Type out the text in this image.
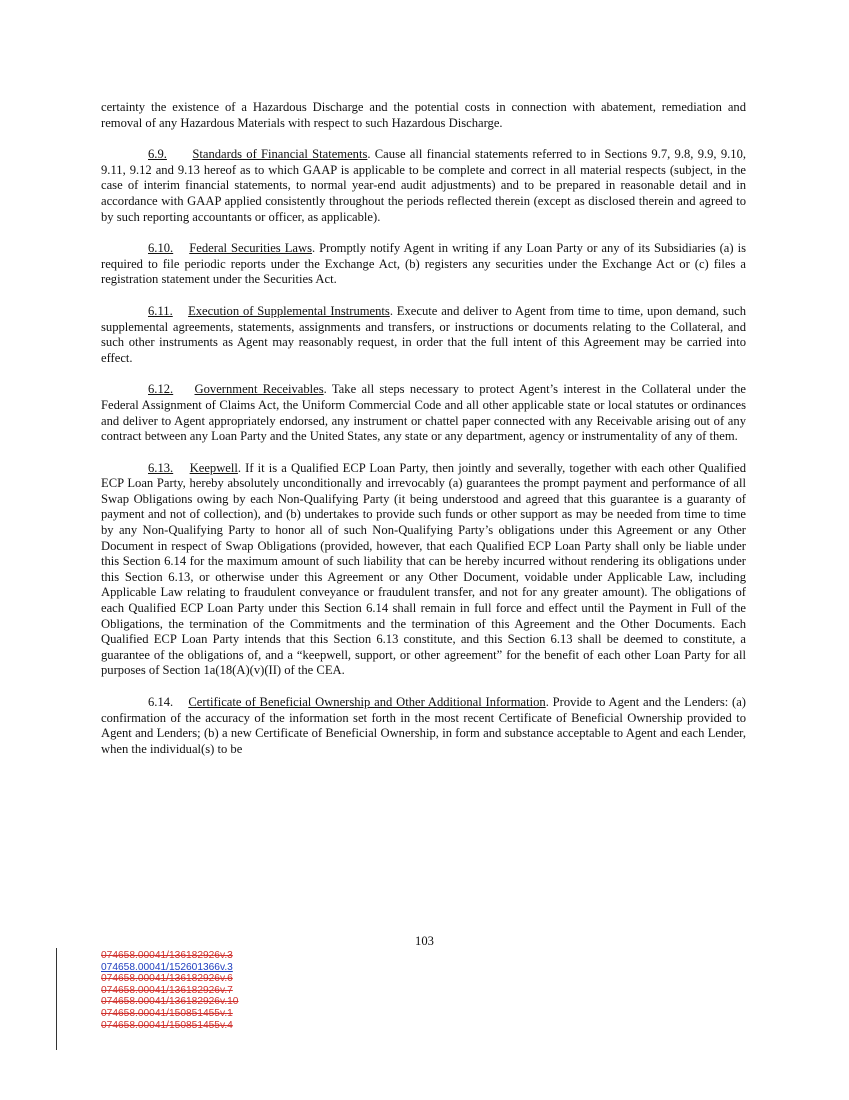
certainty the existence of a Hazardous Discharge and the potential costs in connection with abatement, remediation and removal of any Hazardous Materials with respect to such Hazardous Discharge.

6.9. Standards of Financial Statements. Cause all financial statements referred to in Sections 9.7, 9.8, 9.9, 9.10, 9.11, 9.12 and 9.13 hereof as to which GAAP is applicable to be complete and correct in all material respects (subject, in the case of interim financial statements, to normal year-end audit adjustments) and to be prepared in reasonable detail and in accordance with GAAP applied consistently throughout the periods reflected therein (except as disclosed therein and agreed to by such reporting accountants or officer, as applicable).

6.10. Federal Securities Laws. Promptly notify Agent in writing if any Loan Party or any of its Subsidiaries (a) is required to file periodic reports under the Exchange Act, (b) registers any securities under the Exchange Act or (c) files a registration statement under the Securities Act.

6.11. Execution of Supplemental Instruments. Execute and deliver to Agent from time to time, upon demand, such supplemental agreements, statements, assignments and transfers, or instructions or documents relating to the Collateral, and such other instruments as Agent may reasonably request, in order that the full intent of this Agreement may be carried into effect.

6.12. Government Receivables. Take all steps necessary to protect Agent’s interest in the Collateral under the Federal Assignment of Claims Act, the Uniform Commercial Code and all other applicable state or local statutes or ordinances and deliver to Agent appropriately endorsed, any instrument or chattel paper connected with any Receivable arising out of any contract between any Loan Party and the United States, any state or any department, agency or instrumentality of any of them.

6.13. Keepwell. If it is a Qualified ECP Loan Party, then jointly and severally, together with each other Qualified ECP Loan Party, hereby absolutely unconditionally and irrevocably (a) guarantees the prompt payment and performance of all Swap Obligations owing by each Non-Qualifying Party (it being understood and agreed that this guarantee is a guaranty of payment and not of collection), and (b) undertakes to provide such funds or other support as may be needed from time to time by any Non-Qualifying Party to honor all of such Non-Qualifying Party’s obligations under this Agreement or any Other Document in respect of Swap Obligations (provided, however, that each Qualified ECP Loan Party shall only be liable under this Section 6.14 for the maximum amount of such liability that can be hereby incurred without rendering its obligations under this Section 6.13, or otherwise under this Agreement or any Other Document, voidable under Applicable Law, including Applicable Law relating to fraudulent conveyance or fraudulent transfer, and not for any greater amount). The obligations of each Qualified ECP Loan Party under this Section 6.14 shall remain in full force and effect until the Payment in Full of the Obligations, the termination of the Commitments and the termination of this Agreement and the Other Documents. Each Qualified ECP Loan Party intends that this Section 6.13 constitute, and this Section 6.13 shall be deemed to constitute, a guarantee of the obligations of, and a “keepwell, support, or other agreement” for the benefit of each other Loan Party for all purposes of Section 1a(18(A)(v)(II) of the CEA.

6.14. Certificate of Beneficial Ownership and Other Additional Information. Provide to Agent and the Lenders: (a) confirmation of the accuracy of the information set forth in the most recent Certificate of Beneficial Ownership provided to Agent and Lenders; (b) a new Certificate of Beneficial Ownership, in form and substance acceptable to Agent and each Lender, when the individual(s) to be

103
074658.00041/136182926v.3
074658.00041/152601366v.3
074658.00041/136182926v.6
074658.00041/136182926v.7
074658.00041/136182926v.10
074658.00041/150851455v.1
074658.00041/150851455v.4
